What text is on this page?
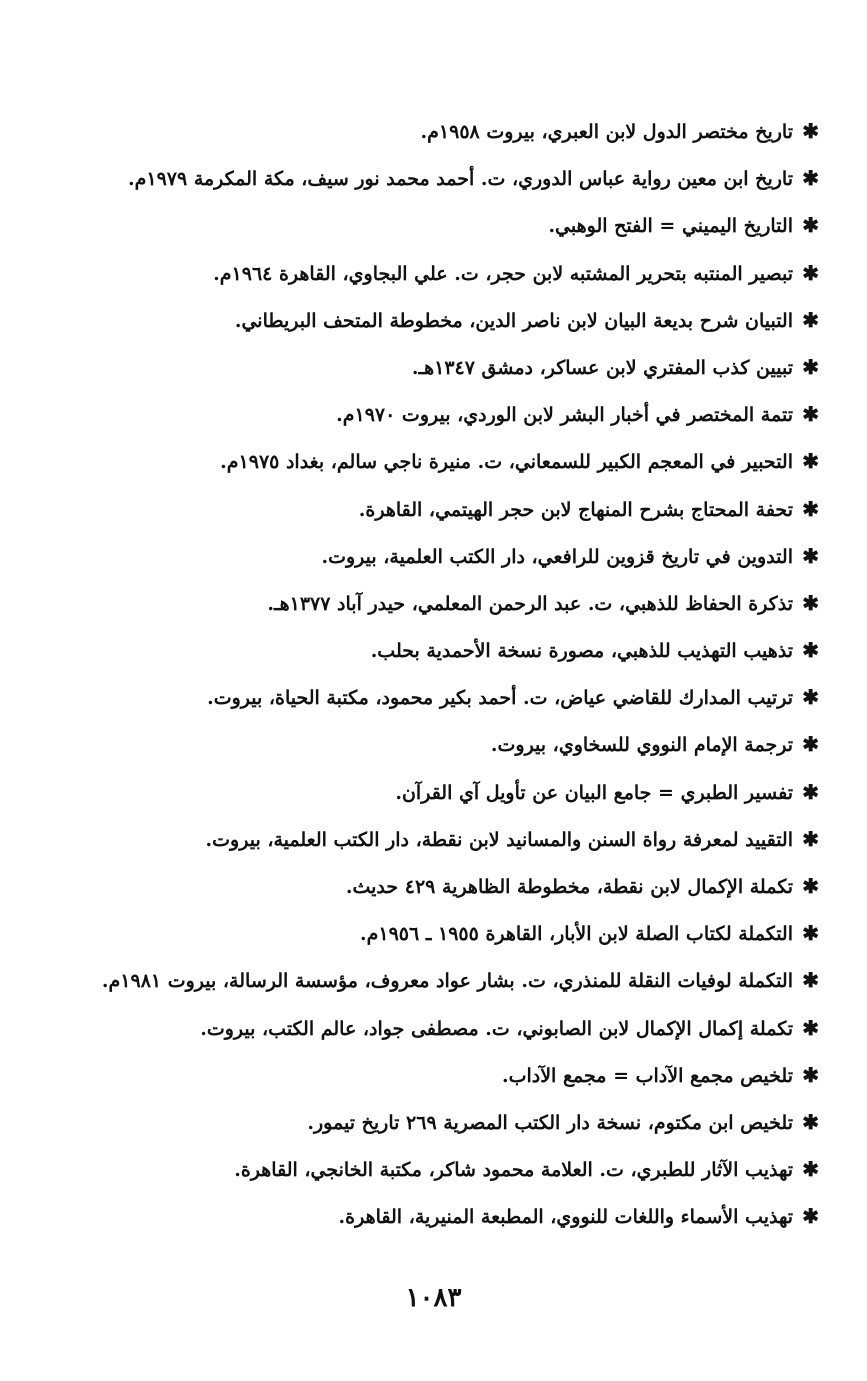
✱تاريخ مختصر الدول لابن العبري، بيروت ١٩٥٨م.
✱تاريخ ابن معين رواية عباس الدوري، ت. أحمد محمد نور سيف، مكة المكرمة ١٩٧٩م.
✱التاريخ اليميني = الفتح الوهبي.
✱تبصير المنتبه بتحرير المشتبه لابن حجر، ت. علي البجاوي، القاهرة ١٩٦٤م.
✱التبيان شرح بديعة البيان لابن ناصر الدين، مخطوطة المتحف البريطاني.
✱تبيين كذب المفتري لابن عساكر، دمشق ١٣٤٧هـ.
✱تتمة المختصر في أخبار البشر لابن الوردي، بيروت ١٩٧٠م.
✱التحبير في المعجم الكبير للسمعاني، ت. منيرة ناجي سالم، بغداد ١٩٧٥م.
✱تحفة المحتاج بشرح المنهاج لابن حجر الهيتمي، القاهرة.
✱التدوين في تاريخ قزوين للرافعي، دار الكتب العلمية، بيروت.
✱تذكرة الحفاظ للذهبي، ت. عبد الرحمن المعلمي، حيدر آباد ١٣٧٧هـ.
✱تذهيب التهذيب للذهبي، مصورة نسخة الأحمدية بحلب.
✱ترتيب المدارك للقاضي عياض، ت. أحمد بكير محمود، مكتبة الحياة، بيروت.
✱ترجمة الإمام النووي للسخاوي، بيروت.
✱تفسير الطبري = جامع البيان عن تأويل آي القرآن.
✱التقييد لمعرفة رواة السنن والمسانيد لابن نقطة، دار الكتب العلمية، بيروت.
✱تكملة الإكمال لابن نقطة، مخطوطة الظاهرية ٤٢٩ حديث.
✱التكملة لكتاب الصلة لابن الأبار، القاهرة ١٩٥٥ ـ ١٩٥٦م.
✱التكملة لوفيات النقلة للمنذري، ت. بشار عواد معروف، مؤسسة الرسالة، بيروت ١٩٨١م.
✱تكملة إكمال الإكمال لابن الصابوني، ت. مصطفى جواد، عالم الكتب، بيروت.
✱تلخيص مجمع الآداب = مجمع الآداب.
✱تلخيص ابن مكتوم، نسخة دار الكتب المصرية ٢٦٩ تاريخ تيمور.
✱تهذيب الآثار للطبري، ت. العلامة محمود شاكر، مكتبة الخانجي، القاهرة.
✱تهذيب الأسماء واللغات للنووي، المطبعة المنيرية، القاهرة.
١٠٨٣
